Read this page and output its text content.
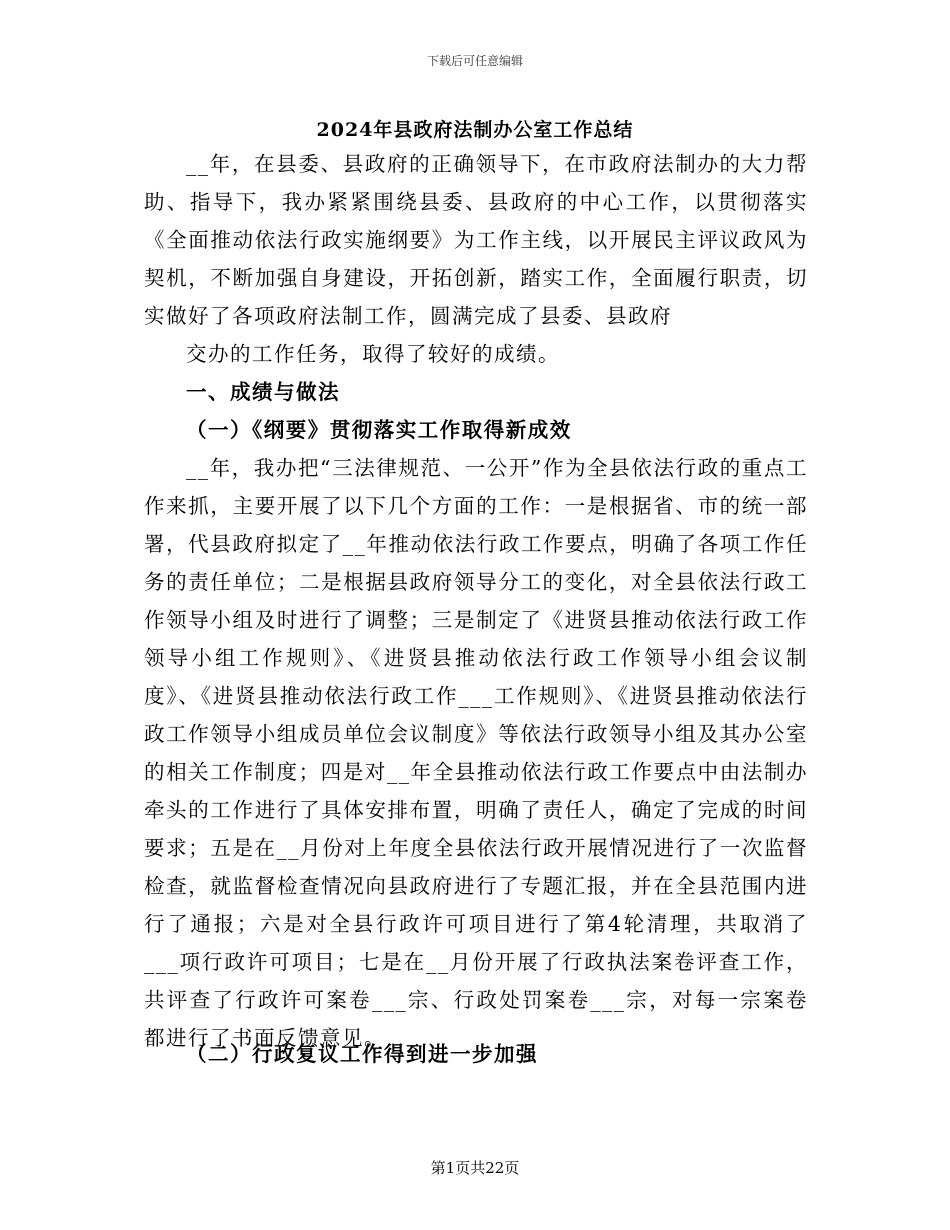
下载后可任意编辑
2024年县政府法制办公室工作总结

__年，在县委、县政府的正确领导下，在市政府法制办的大力帮助、指导下，我办紧紧围绕县委、县政府的中心工作，以贯彻落实《全面推动依法行政实施纲要》为工作主线，以开展民主评议政风为契机，不断加强自身建设，开拓创新，踏实工作，全面履行职责，切实做好了各项政府法制工作，圆满完成了县委、县政府

交办的工作任务，取得了较好的成绩。

一、成绩与做法

（一）《纲要》贯彻落实工作取得新成效

__年，我办把“三法律规范、一公开”作为全县依法行政的重点工作来抓，主要开展了以下几个方面的工作：一是根据省、市的统一部署，代县政府拟定了__年推动依法行政工作要点，明确了各项工作任务的责任单位；二是根据县政府领导分工的变化，对全县依法行政工作领导小组及时进行了调整；三是制定了《进贤县推动依法行政工作领导小组工作规则》、《进贤县推动依法行政工作领导小组会议制度》、《进贤县推动依法行政工作___工作规则》、《进贤县推动依法行政工作领导小组成员单位会议制度》等依法行政领导小组及其办公室的相关工作制度；四是对__年全县推动依法行政工作要点中由法制办牵头的工作进行了具体安排布置，明确了责任人，确定了完成的时间要求；五是在__月份对上年度全县依法行政开展情况进行了一次监督检查，就监督检查情况向县政府进行了专题汇报，并在全县范围内进行了通报；六是对全县行政许可项目进行了第4轮清理，共取消了___项行政许可项目；七是在__月份开展了行政执法案卷评查工作，共评查了行政许可案卷___宗、行政处罚案卷___宗，对每一宗案卷都进行了书面反馈意见。

（二）行政复议工作得到进一步加强

第1页共22页
